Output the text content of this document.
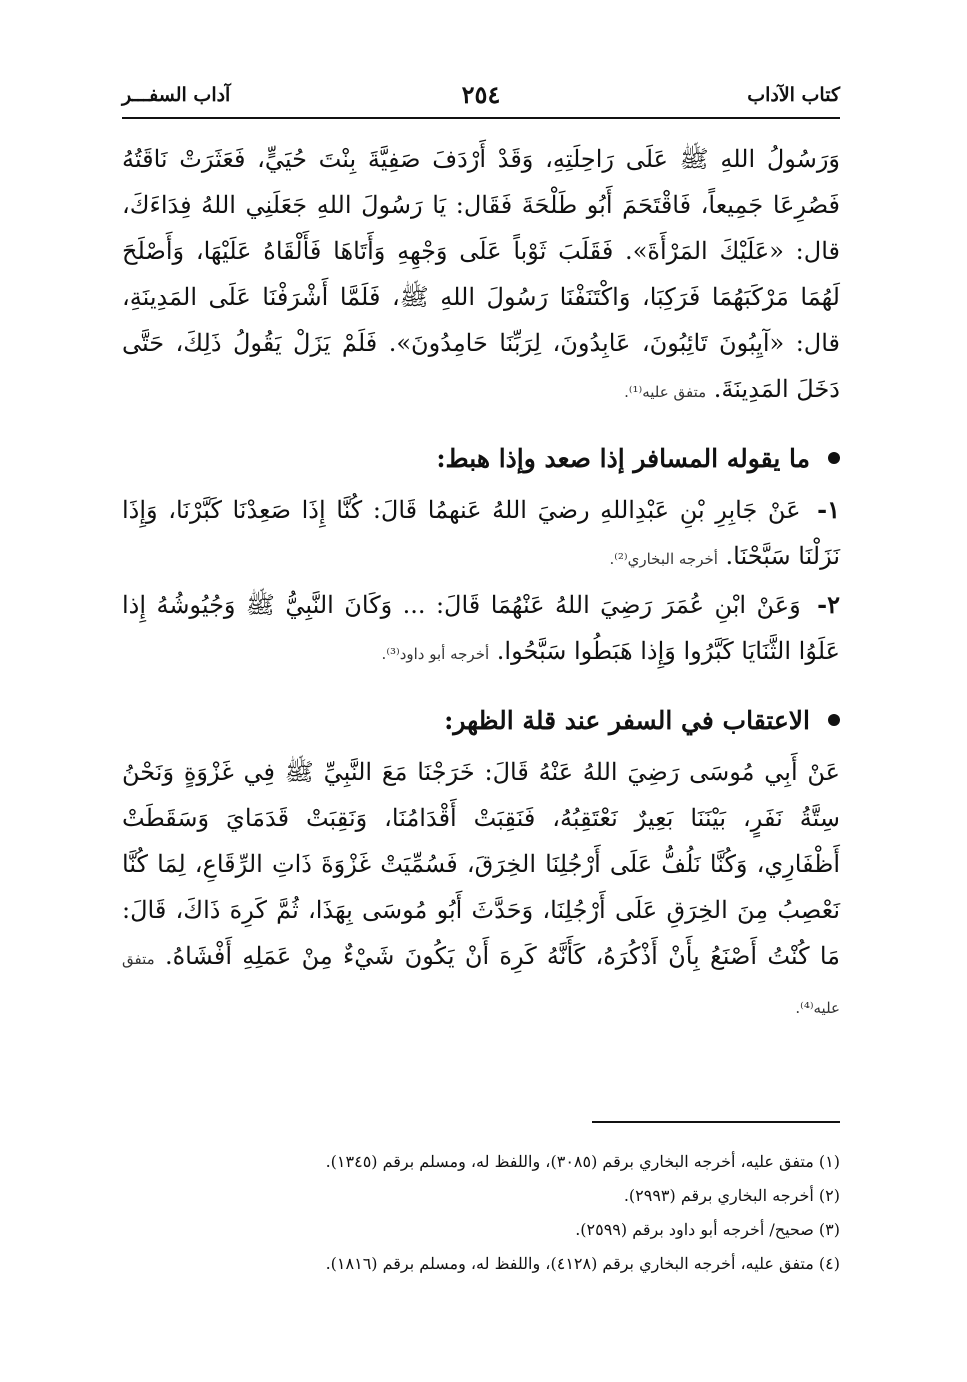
كتاب الآداب
٢٥٤
آداب السفـــر

وَرَسُولُ اللهِ ﷺ عَلَى رَاحِلَتِهِ، وَقَدْ أَرْدَفَ صَفِيَّةَ بِنْتَ حُيَيٍّ، فَعَثَرَتْ نَاقَتُهُ فَصُرِعَا جَمِيعاً، فَاقْتَحَمَ أَبُو طَلْحَةَ فَقَال: يَا رَسُولَ اللهِ جَعَلَنِي اللهُ فِدَاءَكَ، قال: «عَلَيْكَ المَرْأَةَ». فَقَلَبَ ثَوْباً عَلَى وَجْهِهِ وَأَتَاهَا فَأَلْقَاهُ عَلَيْهَا، وَأَصْلَحَ لَهُمَا مَرْكَبَهُمَا فَرَكِبَا، وَاكْتَنَفْنَا رَسُولَ اللهِ ﷺ، فَلَمَّا أَشْرَفْنَا عَلَى المَدِينَةِ، قال: «آيِبُونَ تَائِبُونَ، عَابِدُونَ، لِرَبِّنَا حَامِدُونَ». فَلَمْ يَزَلْ يَقُولُ ذَلِكَ، حَتَّى دَخَلَ المَدِينَةَ. متفق عليه⁽¹⁾.

ما يقوله المسافر إذا صعد وإذا هبط:

١- عَنْ جَابِرِ بْنِ عَبْدِاللهِ رضيَ اللهُ عَنهمُا قَالَ: كُنَّا إِذَا صَعِدْنَا كَبَّرْنَا، وَإِذَا نَزَلْنَا سَبَّحْنَا. أخرجه البخاري⁽²⁾.

٢- وَعَنْ ابْنِ عُمَرَ رَضِيَ اللهُ عَنْهُمَا قَالَ: ... وَكَانَ النَّبِيُّ ﷺ وَجُيُوشُهُ إِذا عَلَوُا الثَّنَايَا كَبَّرُوا وَإِذا هَبَطُوا سَبَّحُوا. أخرجه أبو داود⁽³⁾.

الاعتقاب في السفر عند قلة الظهر:

عَنْ أَبِي مُوسَى رَضِيَ اللهُ عَنْهُ قَالَ: خَرَجْنَا مَعَ النَّبِيِّ ﷺ فِي غَزْوَةٍ وَنَحْنُ سِتَّةُ نَفَرٍ، بَيْنَنَا بَعِيرٌ نَعْتَقِبُهُ، فَنَقِبَتْ أَقْدَامُنَا، وَنَقِبَتْ قَدَمَايَ وَسَقَطَتْ أَظْفَارِي، وَكُنَّا نَلُفُّ عَلَى أَرْجُلِنَا الخِرَقَ، فَسُمِّيَتْ غَزْوَةَ ذَاتِ الرِّقَاعِ، لِمَا كُنَّا نَعْصِبُ مِنَ الخِرَقِ عَلَى أَرْجُلِنَا، وَحَدَّثَ أَبُو مُوسَى بِهَذَا، ثُمَّ كَرِهَ ذَاكَ، قَالَ: مَا كُنْتُ أَصْنَعُ بِأَنْ أَذْكُرَهُ، كَأَنَّهُ كَرِهَ أَنْ يَكُونَ شَيْءٌ مِنْ عَمَلِهِ أَفْشَاهُ. متفق عليه⁽⁴⁾.

(١) متفق عليه، أخرجه البخاري برقم (٣٠٨٥)، واللفظ له، ومسلم برقم (١٣٤٥).
(٢) أخرجه البخاري برقم (٢٩٩٣).
(٣) صحيح/ أخرجه أبو داود برقم (٢٥٩٩).
(٤) متفق عليه، أخرجه البخاري برقم (٤١٢٨)، واللفظ له، ومسلم برقم (١٨١٦).
